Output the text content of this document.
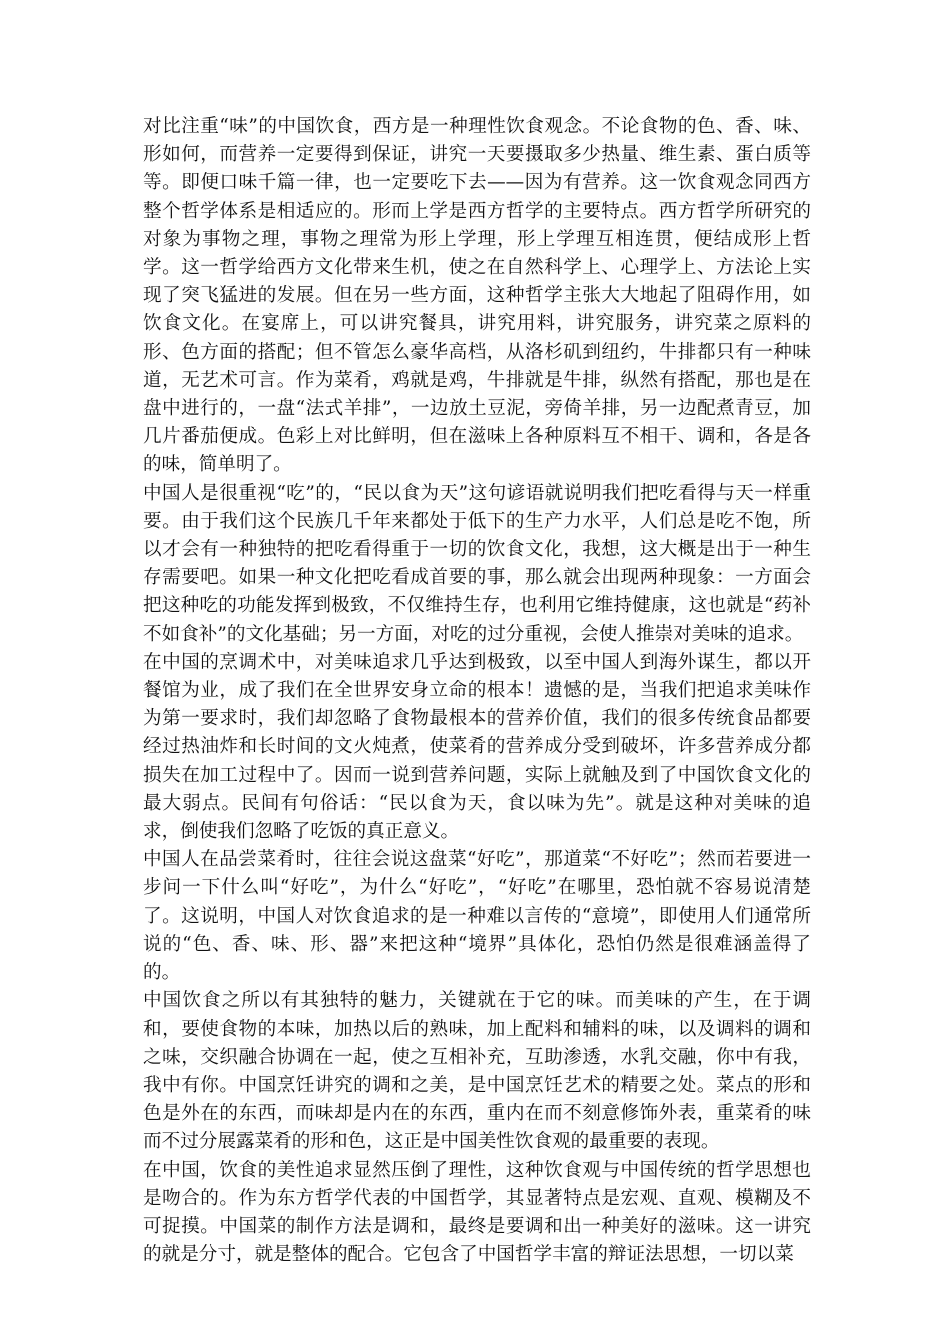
对比注重“味”的中国饮食，西方是一种理性饮食观念。不论食物的色、香、味、形如何，而营养一定要得到保证，讲究一天要摄取多少热量、维生素、蛋白质等等。即便口味千篇一律，也一定要吃下去——因为有营养。这一饮食观念同西方整个哲学体系是相适应的。形而上学是西方哲学的主要特点。西方哲学所研究的对象为事物之理，事物之理常为形上学理，形上学理互相连贯，便结成形上哲学。这一哲学给西方文化带来生机，使之在自然科学上、心理学上、方法论上实现了突飞猛进的发展。但在另一些方面，这种哲学主张大大地起了阻碍作用，如饮食文化。在宴席上，可以讲究餐具，讲究用料，讲究服务，讲究菜之原料的形、色方面的搭配；但不管怎么豪华高档，从洛杉矶到纽约，牛排都只有一种味道，无艺术可言。作为菜肴，鸡就是鸡，牛排就是牛排，纵然有搭配，那也是在盘中进行的，一盘“法式羊排”，一边放土豆泥，旁倚羊排，另一边配煮青豆，加几片番茄便成。色彩上对比鲜明，但在滋味上各种原料互不相干、调和，各是各的味，简单明了。

中国人是很重视“吃”的，“民以食为天”这句谚语就说明我们把吃看得与天一样重要。由于我们这个民族几千年来都处于低下的生产力水平，人们总是吃不饱，所以才会有一种独特的把吃看得重于一切的饮食文化，我想，这大概是出于一种生存需要吧。如果一种文化把吃看成首要的事，那么就会出现两种现象：一方面会把这种吃的功能发挥到极致，不仅维持生存，也利用它维持健康，这也就是“药补不如食补”的文化基础；另一方面，对吃的过分重视，会使人推崇对美味的追求。

在中国的烹调术中，对美味追求几乎达到极致，以至中国人到海外谋生，都以开餐馆为业，成了我们在全世界安身立命的根本！遗憾的是，当我们把追求美味作为第一要求时，我们却忽略了食物最根本的营养价值，我们的很多传统食品都要经过热油炸和长时间的文火炖煮，使菜肴的营养成分受到破坏，许多营养成分都损失在加工过程中了。因而一说到营养问题，实际上就触及到了中国饮食文化的最大弱点。民间有句俗话：“民以食为天，食以味为先”。就是这种对美味的追求，倒使我们忽略了吃饭的真正意义。

中国人在品尝菜肴时，往往会说这盘菜“好吃”，那道菜“不好吃”；然而若要进一步问一下什么叫“好吃”，为什么“好吃”，“好吃”在哪里，恐怕就不容易说清楚了。这说明，中国人对饮食追求的是一种难以言传的“意境”，即使用人们通常所说的“色、香、味、形、器”来把这种“境界”具体化，恐怕仍然是很难涵盖得了的。

中国饮食之所以有其独特的魅力，关键就在于它的味。而美味的产生，在于调和，要使食物的本味，加热以后的熟味，加上配料和辅料的味，以及调料的调和之味，交织融合协调在一起，使之互相补充，互助渗透，水乳交融，你中有我，我中有你。中国烹饪讲究的调和之美，是中国烹饪艺术的精要之处。菜点的形和色是外在的东西，而味却是内在的东西，重内在而不刻意修饰外表，重菜肴的味而不过分展露菜肴的形和色，这正是中国美性饮食观的最重要的表现。

在中国，饮食的美性追求显然压倒了理性，这种饮食观与中国传统的哲学思想也是吻合的。作为东方哲学代表的中国哲学，其显著特点是宏观、直观、模糊及不可捉摸。中国菜的制作方法是调和，最终是要调和出一种美好的滋味。这一讲究的就是分寸，就是整体的配合。它包含了中国哲学丰富的辩证法思想，一切以菜
